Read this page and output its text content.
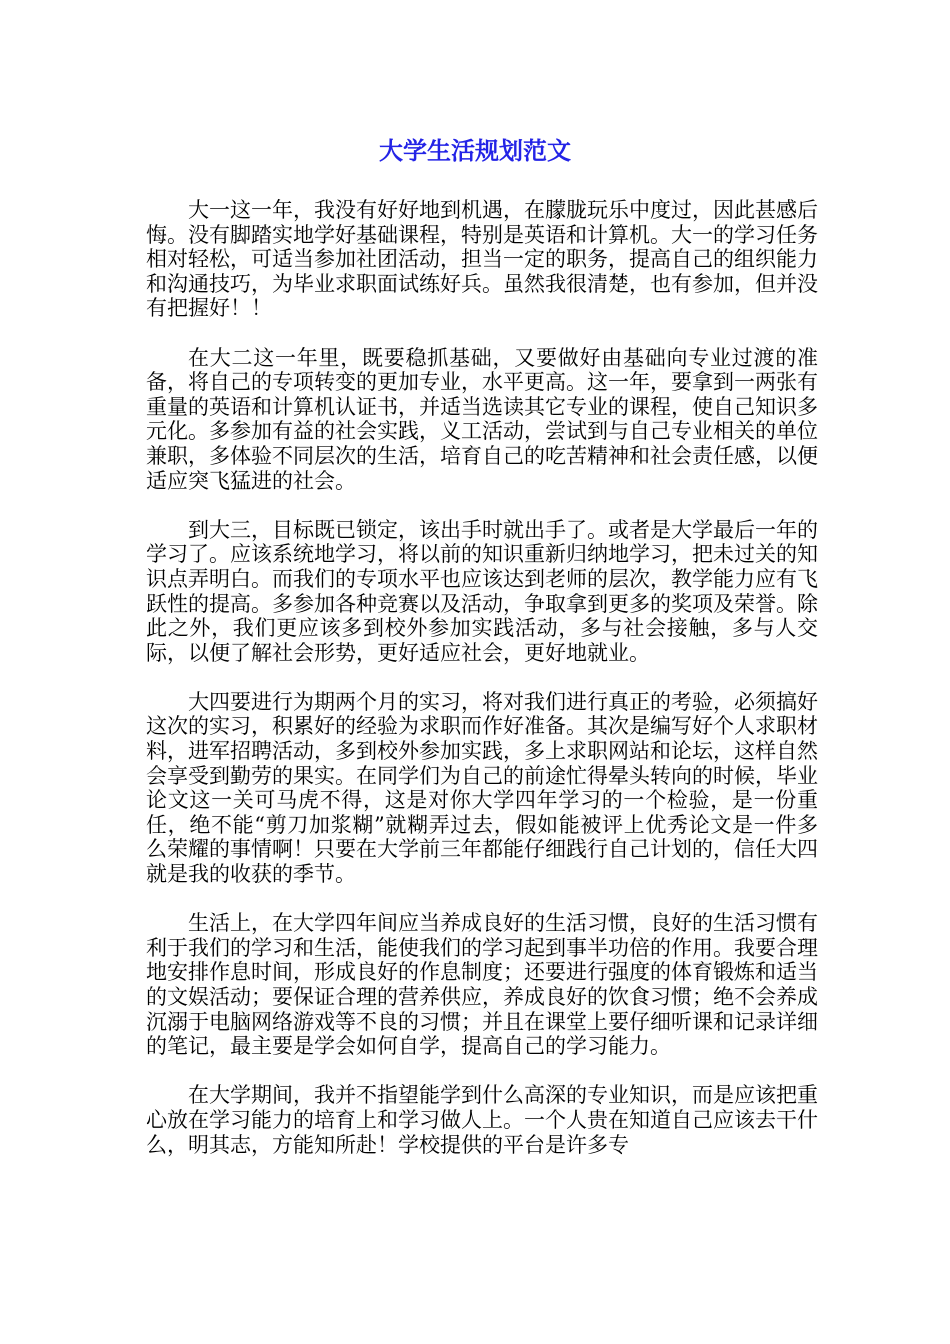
大学生活规划范文

大一这一年，我没有好好地到机遇，在朦胧玩乐中度过，因此甚感后悔。没有脚踏实地学好基础课程，特别是英语和计算机。大一的学习任务相对轻松，可适当参加社团活动，担当一定的职务，提高自己的组织能力和沟通技巧，为毕业求职面试练好兵。虽然我很清楚，也有参加，但并没有把握好！！

在大二这一年里，既要稳抓基础，又要做好由基础向专业过渡的准备，将自己的专项转变的更加专业，水平更高。这一年，要拿到一两张有重量的英语和计算机认证书，并适当选读其它专业的课程，使自己知识多元化。多参加有益的社会实践，义工活动，尝试到与自己专业相关的单位兼职，多体验不同层次的生活，培育自己的吃苦精神和社会责任感，以便适应突飞猛进的社会。

到大三，目标既已锁定，该出手时就出手了。或者是大学最后一年的学习了。应该系统地学习，将以前的知识重新归纳地学习，把未过关的知识点弄明白。而我们的专项水平也应该达到老师的层次，教学能力应有飞跃性的提高。多参加各种竞赛以及活动，争取拿到更多的奖项及荣誉。除此之外，我们更应该多到校外参加实践活动，多与社会接触，多与人交际，以便了解社会形势，更好适应社会，更好地就业。

大四要进行为期两个月的实习，将对我们进行真正的考验，必须搞好这次的实习，积累好的经验为求职而作好准备。其次是编写好个人求职材料，进军招聘活动，多到校外参加实践，多上求职网站和论坛，这样自然会享受到勤劳的果实。在同学们为自己的前途忙得晕头转向的时候，毕业论文这一关可马虎不得，这是对你大学四年学习的一个检验，是一份重任，绝不能“剪刀加浆糊”就糊弄过去，假如能被评上优秀论文是一件多么荣耀的事情啊！只要在大学前三年都能仔细践行自己计划的，信任大四就是我的收获的季节。

生活上，在大学四年间应当养成良好的生活习惯，良好的生活习惯有利于我们的学习和生活，能使我们的学习起到事半功倍的作用。我要合理地安排作息时间，形成良好的作息制度；还要进行强度的体育锻炼和适当的文娱活动；要保证合理的营养供应，养成良好的饮食习惯；绝不会养成沉溺于电脑网络游戏等不良的习惯；并且在课堂上要仔细听课和记录详细的笔记，最主要是学会如何自学，提高自己的学习能力。

在大学期间，我并不指望能学到什么高深的专业知识，而是应该把重心放在学习能力的培育上和学习做人上。一个人贵在知道自己应该去干什么，明其志，方能知所赴！学校提供的平台是许多专
